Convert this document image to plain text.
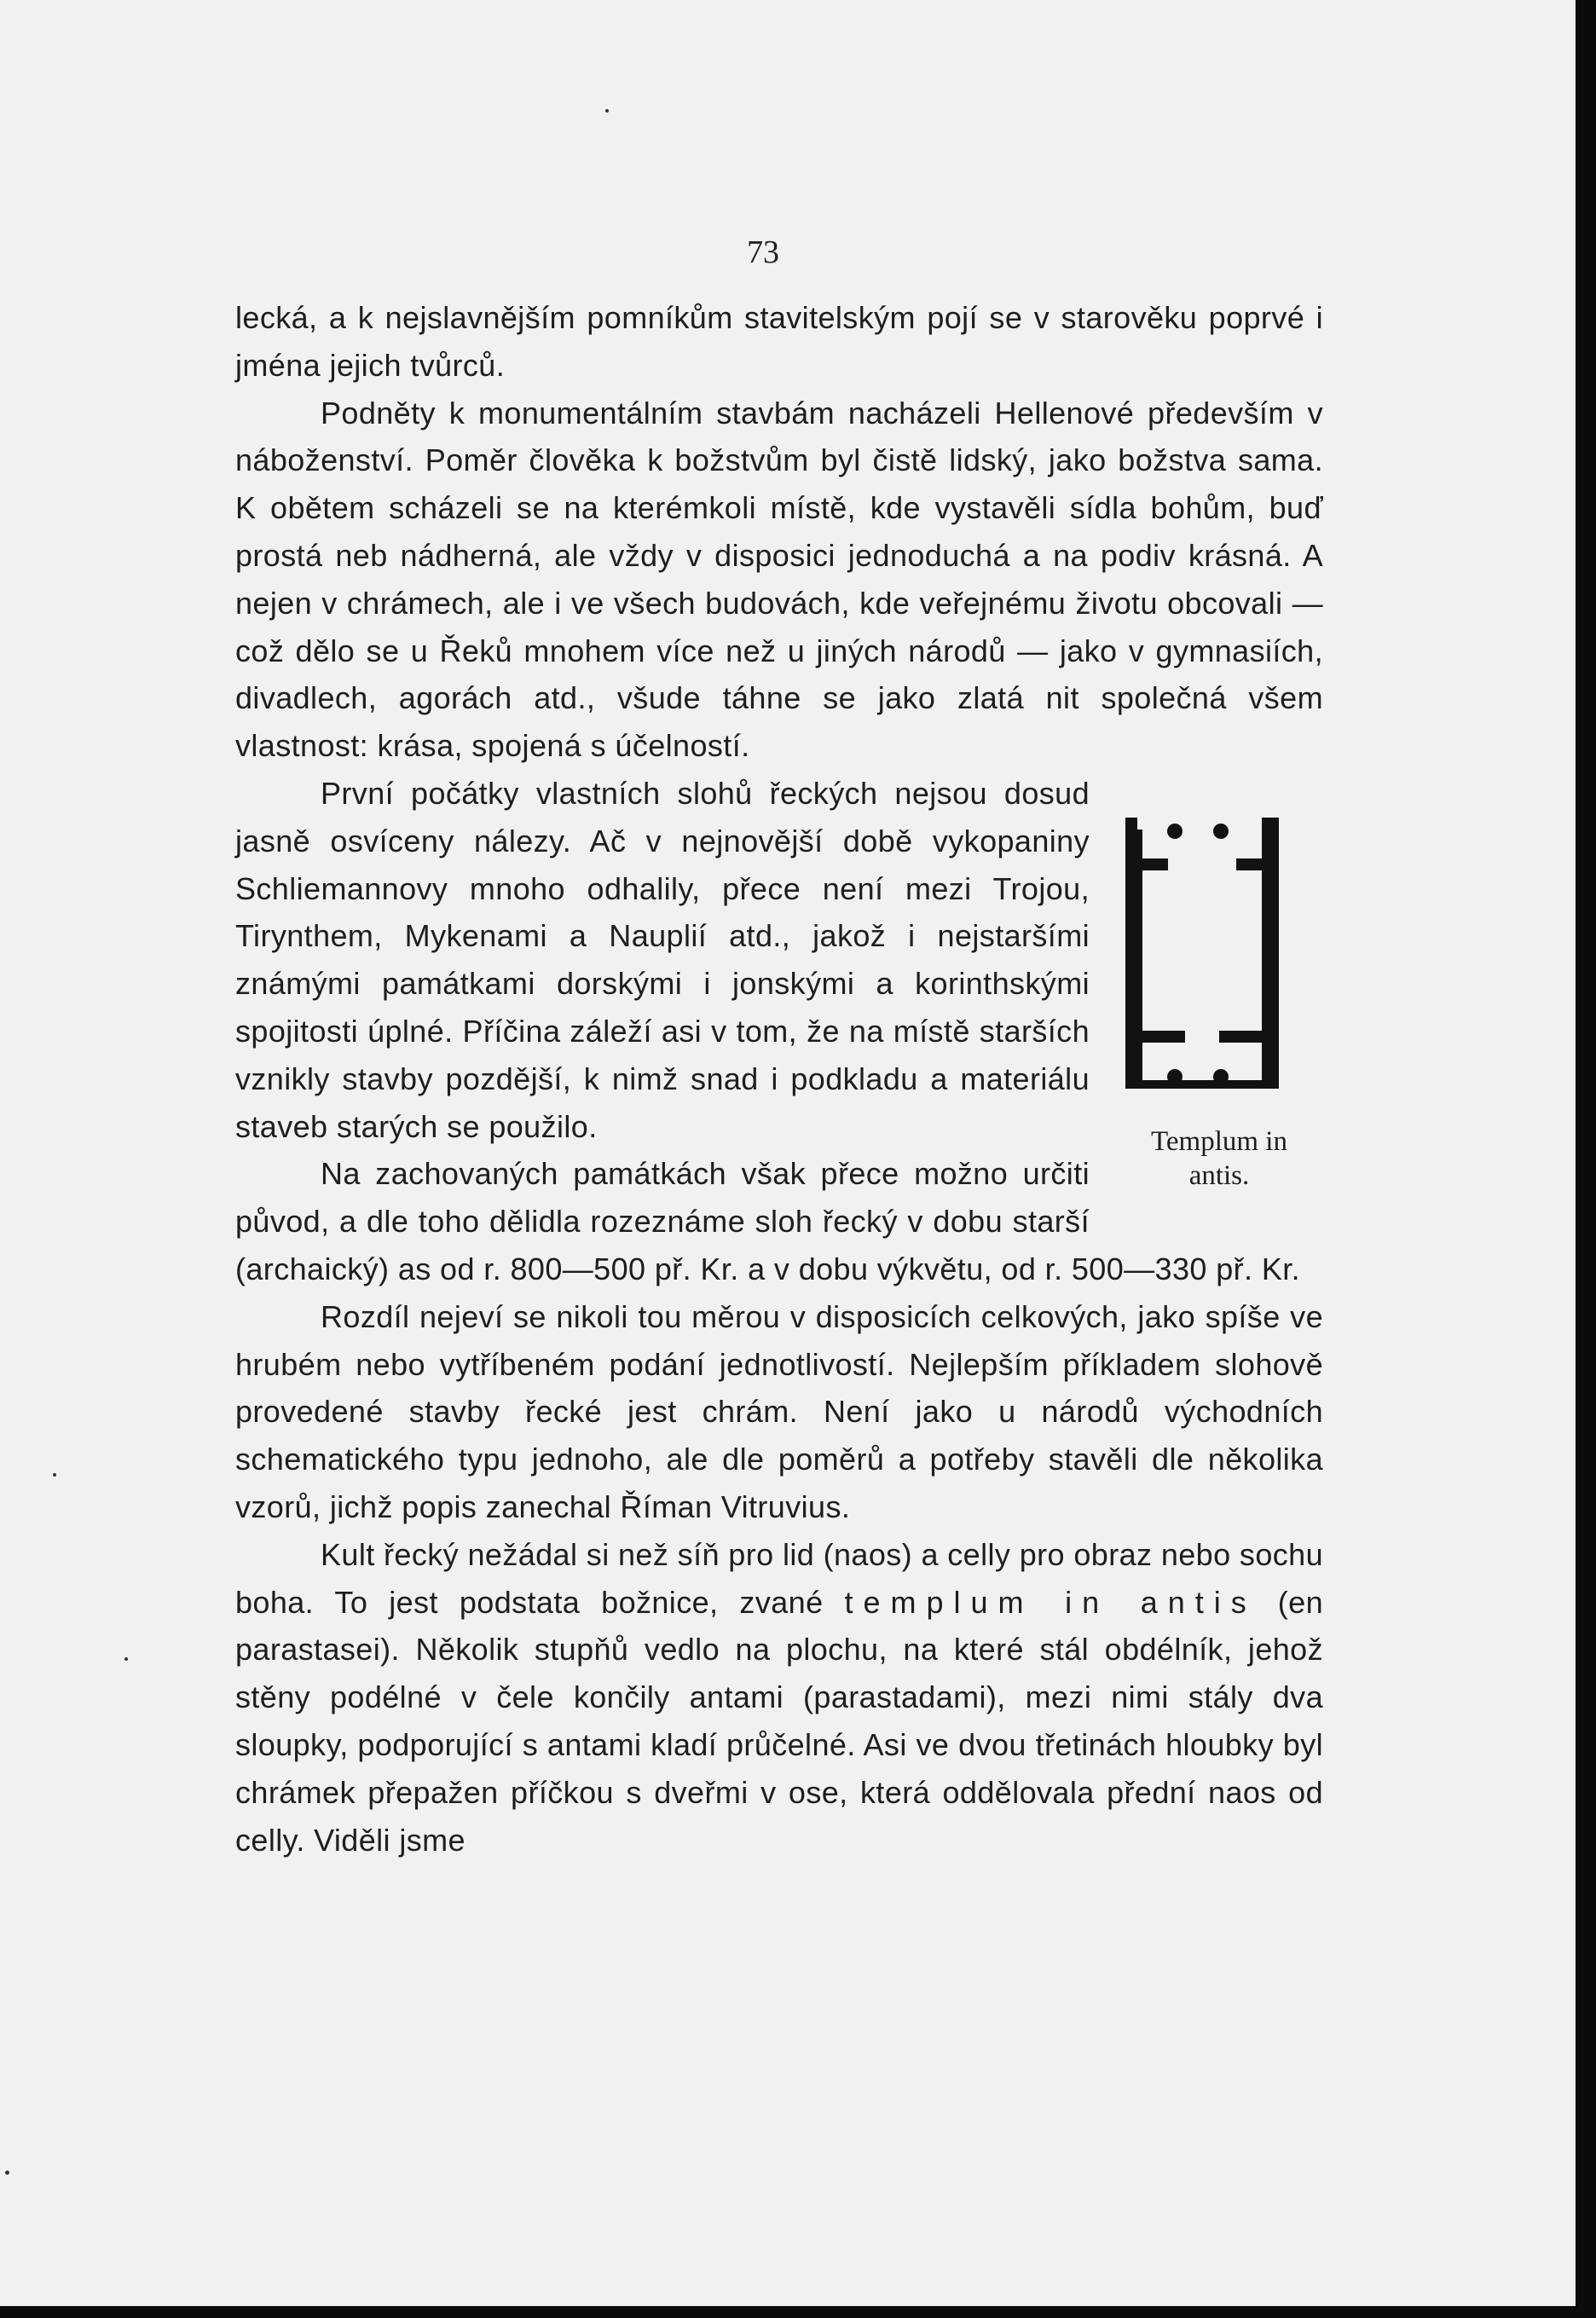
73

lecká, a k nejslavnějším pomníkům stavitelským pojí se v starověku poprvé i jména jejich tvůrců.

Podněty k monumentálním stavbám nacházeli Hellenové především v náboženství. Poměr člověka k božstvům byl čistě lidský, jako božstva sama. K obětem scházeli se na kterémkoli místě, kde vystavěli sídla bohům, buď prostá neb nádherná, ale vždy v disposici jednoduchá a na podiv krásná. A nejen v chrámech, ale i ve všech budovách, kde veřejnému životu obcovali — což dělo se u Řeků mnohem více než u jiných národů — jako v gymnasiích, divadlech, agorách atd., všude táhne se jako zlatá nit společná všem vlastnost: krása, spojená s účelností.

Templum in
antis.

První počátky vlastních slohů řeckých nejsou dosud jasně osvíceny nálezy. Ač v nejnovější době vykopaniny Schliemannovy mnoho odhalily, přece není mezi Trojou, Tirynthem, Mykenami a Nauplií atd., jakož i nejstaršími známými památkami dorskými i jonskými a korinthskými spojitosti úplné. Příčina záleží asi v tom, že na místě starších vznikly stavby pozdější, k nimž snad i podkladu a materiálu staveb starých se použilo.

Na zachovaných památkách však přece možno určiti původ, a dle toho dělidla rozeznáme sloh řecký v dobu starší (archaický) as od r. 800—500 př. Kr. a v dobu výkvětu, od r. 500—330 př. Kr.

Rozdíl nejeví se nikoli tou měrou v disposicích celkových, jako spíše ve hrubém nebo vytříbeném podání jednotlivostí. Nejlepším příkladem slohově provedené stavby řecké jest chrám. Není jako u národů východních schematického typu jednoho, ale dle poměrů a potřeby stavěli dle několika vzorů, jichž popis zanechal Říman Vitruvius.

Kult řecký nežádal si než síň pro lid (naos) a celly pro obraz nebo sochu boha. To jest podstata božnice, zvané templum in antis (en parastasei). Několik stupňů vedlo na plochu, na které stál obdélník, jehož stěny podélné v čele končily antami (parastadami), mezi nimi stály dva sloupky, podporující s antami kladí průčelné. Asi ve dvou třetinách hloubky byl chrámek přepažen příčkou s dveřmi v ose, která oddělovala přední naos od celly. Viděli jsme
